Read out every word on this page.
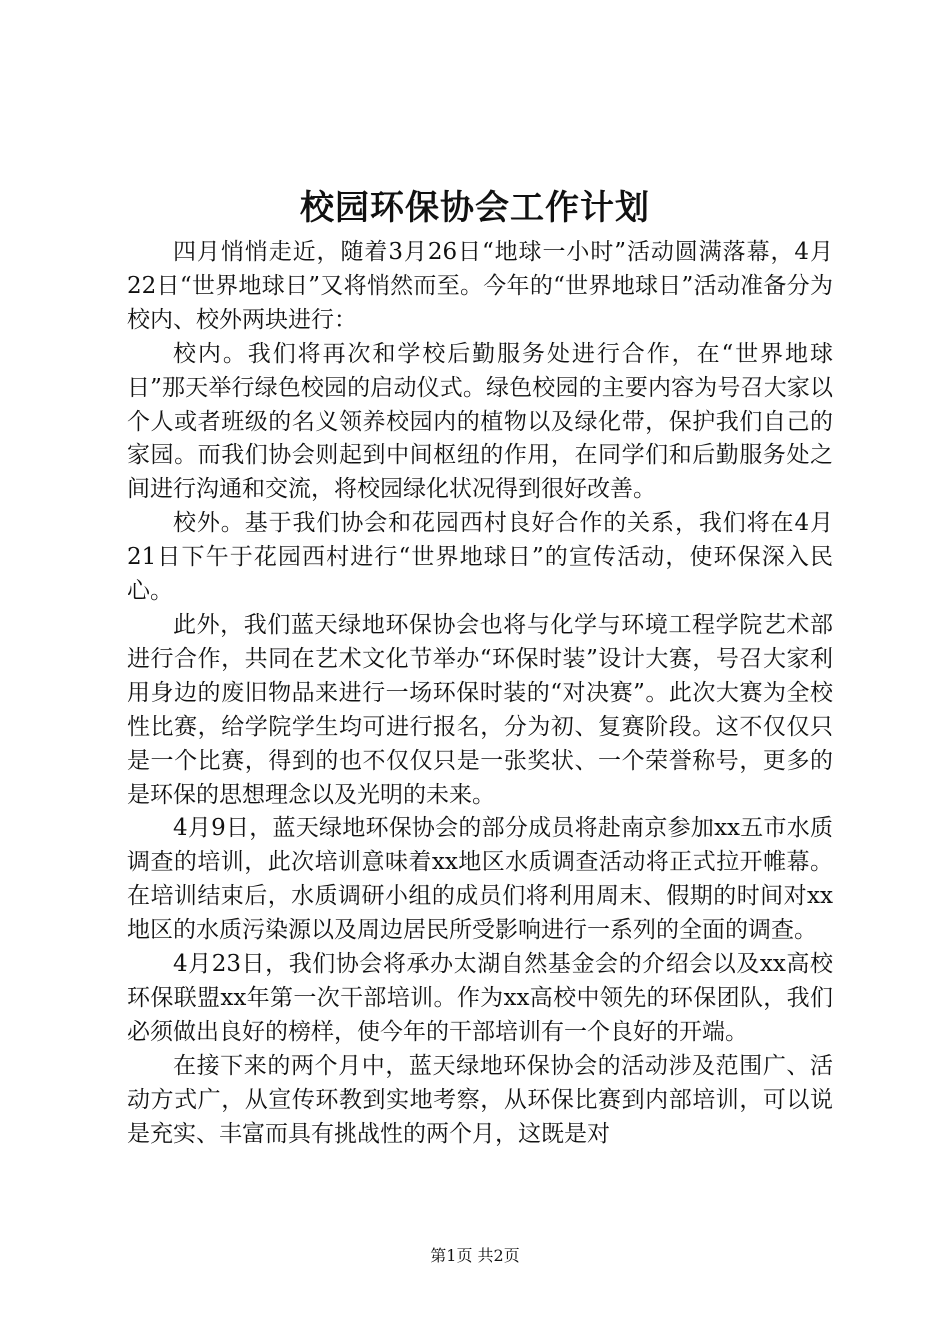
校园环保协会工作计划

四月悄悄走近，随着3月26日“地球一小时”活动圆满落幕，4月22日“世界地球日”又将悄然而至。今年的“世界地球日”活动准备分为校内、校外两块进行：

校内。我们将再次和学校后勤服务处进行合作，在“世界地球日”那天举行绿色校园的启动仪式。绿色校园的主要内容为号召大家以个人或者班级的名义领养校园内的植物以及绿化带，保护我们自己的家园。而我们协会则起到中间枢纽的作用，在同学们和后勤服务处之间进行沟通和交流，将校园绿化状况得到很好改善。

校外。基于我们协会和花园西村良好合作的关系，我们将在4月21日下午于花园西村进行“世界地球日”的宣传活动，使环保深入民心。

此外，我们蓝天绿地环保协会也将与化学与环境工程学院艺术部进行合作，共同在艺术文化节举办“环保时装”设计大赛，号召大家利用身边的废旧物品来进行一场环保时装的“对决赛”。此次大赛为全校性比赛，给学院学生均可进行报名，分为初、复赛阶段。这不仅仅只是一个比赛，得到的也不仅仅只是一张奖状、一个荣誉称号，更多的是环保的思想理念以及光明的未来。

4月9日，蓝天绿地环保协会的部分成员将赴南京参加xx五市水质调查的培训，此次培训意味着xx地区水质调查活动将正式拉开帷幕。在培训结束后，水质调研小组的成员们将利用周末、假期的时间对xx地区的水质污染源以及周边居民所受影响进行一系列的全面的调查。

4月23日，我们协会将承办太湖自然基金会的介绍会以及xx高校环保联盟xx年第一次干部培训。作为xx高校中领先的环保团队，我们必须做出良好的榜样，使今年的干部培训有一个良好的开端。

在接下来的两个月中，蓝天绿地环保协会的活动涉及范围广、活动方式广，从宣传环教到实地考察，从环保比赛到内部培训，可以说是充实、丰富而具有挑战性的两个月，这既是对

第1页 共2页
